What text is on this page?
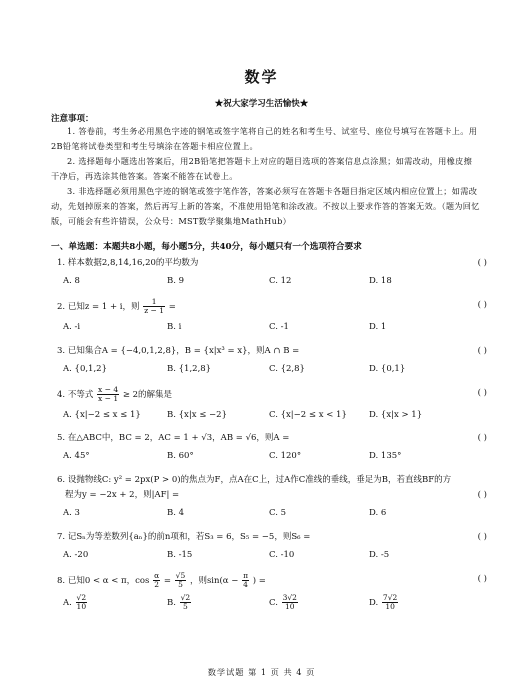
数学
★祝大家学习生活愉快★
注意事项：
1. 答卷前，考生务必用黑色字迹的钢笔或签字笔将自己的姓名和考生号、试室号、座位号填写在答题卡上。用2B铅笔将试卷类型和考生号填涂在答题卡相应位置上。
2. 选择题每小题选出答案后，用2B铅笔把答题卡上对应的题目选项的答案信息点涂黑；如需改动，用橡皮擦干净后，再选涂其他答案。答案不能答在试卷上。
3. 非选择题必须用黑色字迹的钢笔或签字笔作答，答案必须写在答题卡各题目指定区域内相应位置上；如需改动，先划掉原来的答案，然后再写上新的答案，不准使用铅笔和涂改液。不按以上要求作答的答案无效。（题为回忆版，可能会有些许错误，公众号：MST数学聚集地MathHub）
一、单选题：本题共8小题，每小题5分，共40分，每小题只有一个选项符合要求
1. 样本数据2,8,14,16,20的平均数为	( )
A. 8	B. 9	C. 12	D. 18
2. 已知z = 1 + i，则 $\frac{1}{z - 1}$ =	( )
A. -i	B. i	C. -1	D. 1
3. 已知集合A = {−4,0,1,2,8}，B = {x|x³ = x}，则A ∩ B =	( )
A. {0,1,2}	B. {1,2,8}	C. {2,8}	D. {0,1}
4. 不等式 $\frac{x - 4}{x - 1} \ge 2$的解集是	( )
A. {x|−2 ≤ x ≤ 1}	B. {x|x ≤ −2}	C. {x|−2 ≤ x < 1}	D. {x|x > 1}
5. 在△ABC中，BC = 2，AC = 1 + √3，AB = √6，则A =	( )
A. 45°	B. 60°	C. 120°	D. 135°
6. 设抛物线C: y² = 2px(P > 0)的焦点为F，点A在C上，过A作C准线的垂线，垂足为B，若直线BF的方
程为y = −2x + 2，则|AF| =	( )
A. 3	B. 4	C. 5	D. 6
7. 记Sₙ为等差数列{aₙ}的前n项和，若S₃ = 6，S₅ = −5，则S₆ =	( )
A. -20	B. -15	C. -10	D. -5
8. 已知0 < α < π，$\cos \frac{\alpha}{2} = \frac{√5}{5}$ ，则$\sin(\alpha - \frac{\pi}{4}$ ) =	( )
A. $\frac{√2}{10}$	B. $\frac{√2}{5}$	C. $\frac{3√2}{10}$	D. $\frac{7√2}{10}$
数学试题 第 1 页 共 4 页
